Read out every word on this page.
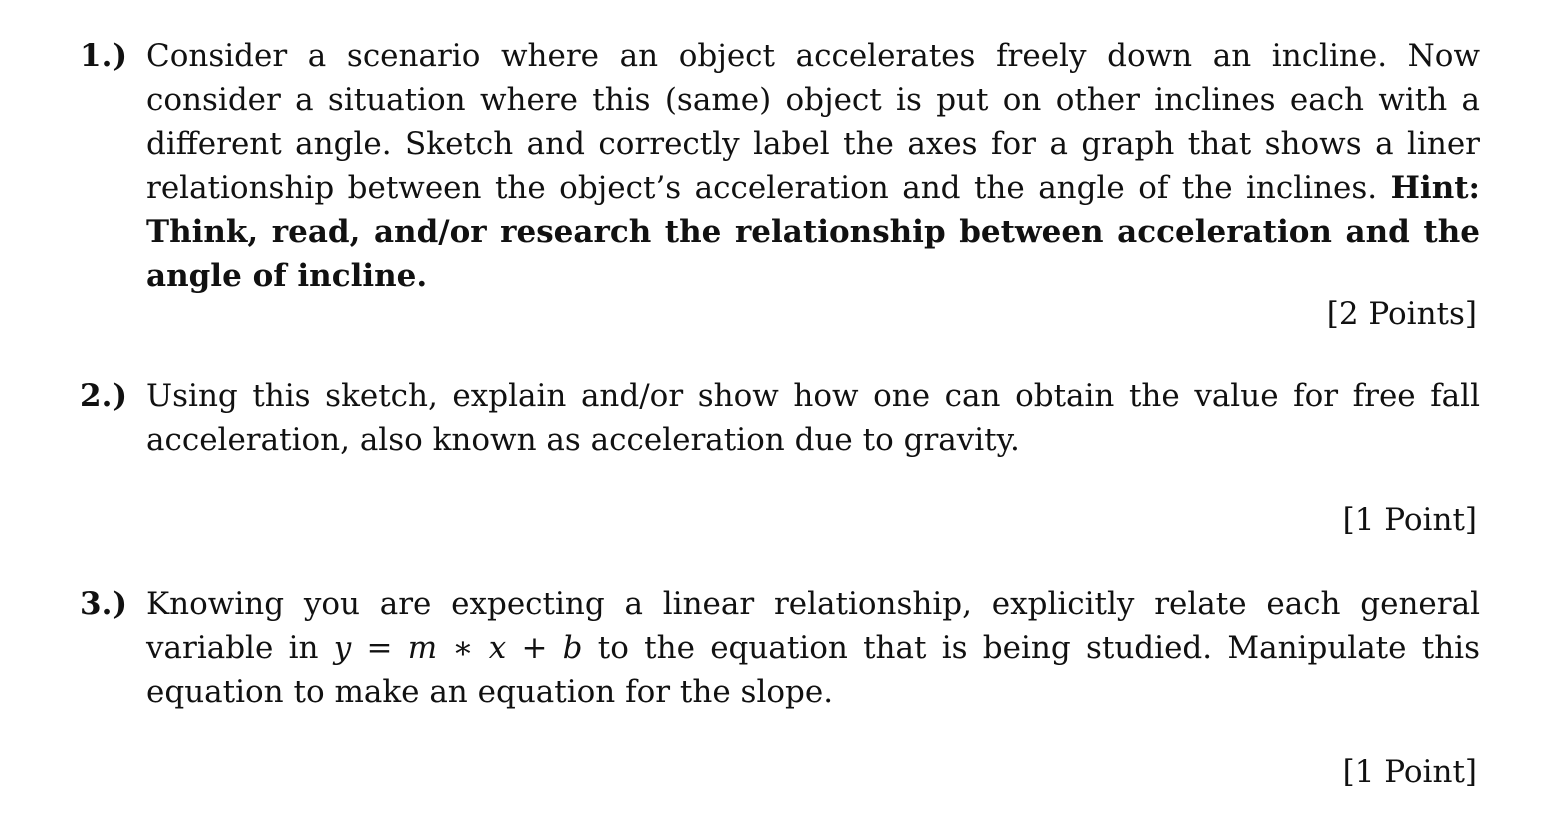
1.) Consider a scenario where an object accelerates freely down an incline. Now consider a situation where this (same) object is put on other inclines each with a different angle. Sketch and correctly label the axes for a graph that shows a liner relationship between the object’s acceleration and the angle of the inclines. Hint: Think, read, and/or research the relationship between acceleration and the angle of incline.
[2 Points]
2.) Using this sketch, explain and/or show how one can obtain the value for free fall acceleration, also known as acceleration due to gravity.
[1 Point]
3.) Knowing you are expecting a linear relationship, explicitly relate each general variable in y = m ∗ x + b to the equation that is being studied. Manipulate this equation to make an equation for the slope.
[1 Point]
